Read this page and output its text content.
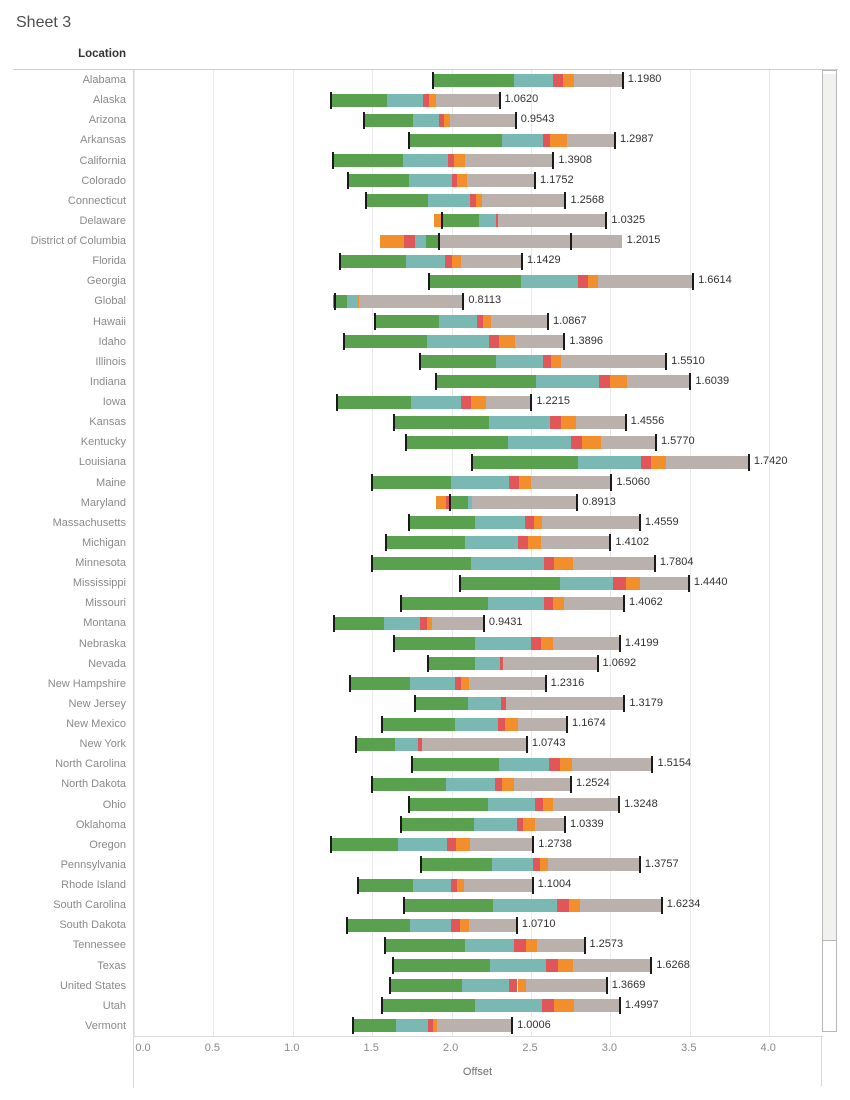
Sheet 3
Location
Alabama
Alaska
Arizona
Arkansas
California
Colorado
Connecticut
Delaware
District of Columbia
Florida
Georgia
Global
Hawaii
Idaho
Illinois
Indiana
Iowa
Kansas
Kentucky
Louisiana
Maine
Maryland
Massachusetts
Michigan
Minnesota
Mississippi
Missouri
Montana
Nebraska
Nevada
New Hampshire
New Jersey
New Mexico
New York
North Carolina
North Dakota
Ohio
Oklahoma
Oregon
Pennsylvania
Rhode Island
South Carolina
South Dakota
Tennessee
Texas
United States
Utah
Vermont
1.1980
1.0620
0.9543
1.2987
1.3908
1.1752
1.2568
1.0325
1.2015
1.1429
1.6614
0.8113
1.0867
1.3896
1.5510
1.6039
1.2215
1.4556
1.5770
1.7420
1.5060
0.8913
1.4559
1.4102
1.7804
1.4440
1.4062
0.9431
1.4199
1.0692
1.2316
1.3179
1.1674
1.0743
1.5154
1.2524
1.3248
1.0339
1.2738
1.3757
1.1004
1.6234
1.0710
1.2573
1.6268
1.3669
1.4997
1.0006
Offset
0.0	0.5	1.0	1.5	2.0	2.5	3.0	3.5	4.0
